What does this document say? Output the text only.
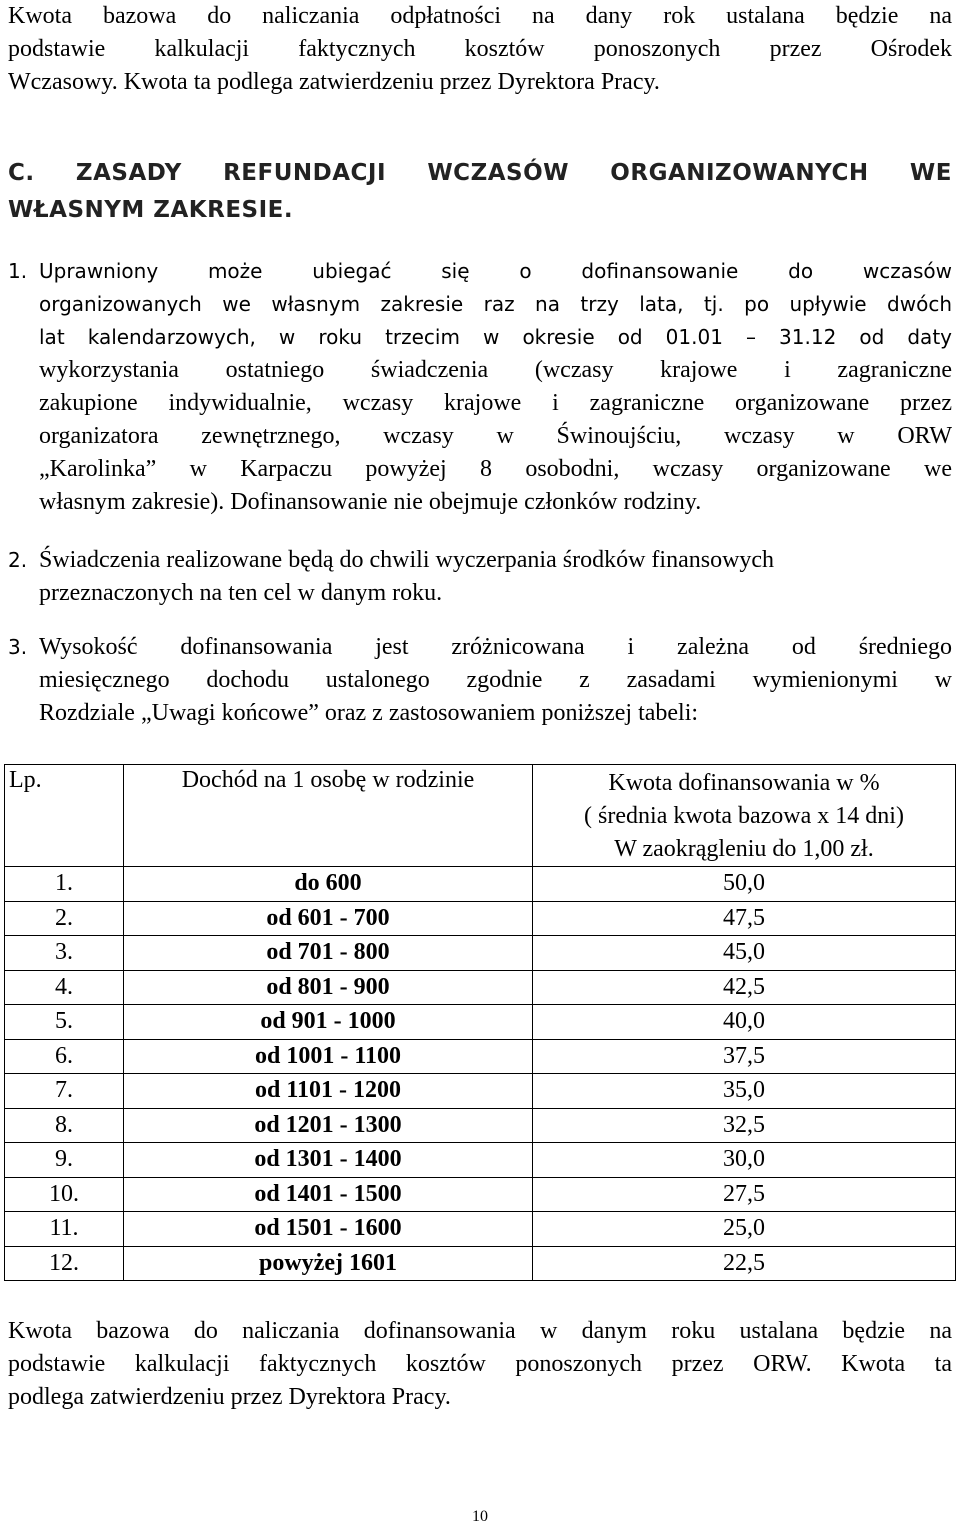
Kwota bazowa do naliczania odpłatności na dany rok ustalana będzie na
podstawie kalkulacji faktycznych kosztów ponoszonych przez Ośrodek
Wczasowy. Kwota ta podlega zatwierdzeniu przez Dyrektora Pracy.
C. ZASADY REFUNDACJI WCZASÓW ORGANIZOWANYCH WE
WŁASNYM ZAKRESIE.
1. Uprawniony może ubiegać się o dofinansowanie do wczasów
organizowanych we własnym zakresie raz na trzy lata, tj. po upływie dwóch
lat kalendarzowych, w roku trzecim w okresie od 01.01 – 31.12 od daty
wykorzystania ostatniego świadczenia (wczasy krajowe i zagraniczne
zakupione indywidualnie, wczasy krajowe i zagraniczne organizowane przez
organizatora zewnętrznego, wczasy w Świnoujściu, wczasy w ORW
„Karolinka” w Karpaczu powyżej 8 osobodni, wczasy organizowane we
własnym zakresie). Dofinansowanie nie obejmuje członków rodziny.
2. Świadczenia realizowane będą do chwili wyczerpania środków finansowych
przeznaczonych na ten cel w danym roku.
3. Wysokość dofinansowania jest zróżnicowana i zależna od średniego
miesięcznego dochodu ustalonego zgodnie z zasadami wymienionymi w
Rozdziale „Uwagi końcowe” oraz z zastosowaniem poniższej tabeli:
Lp.	Dochód na 1 osobę w rodzinie	Kwota dofinansowania w %
( średnia kwota bazowa x 14 dni)
W zaokrągleniu do 1,00 zł.

1.	do 600	50,0
2.	od 601 - 700	47,5
3.	od 701 - 800	45,0
4.	od 801 - 900	42,5
5.	od 901 - 1000	40,0
6.	od 1001 - 1100	37,5
7.	od 1101 - 1200	35,0
8.	od 1201 - 1300	32,5
9.	od 1301 - 1400	30,0
10.	od 1401 - 1500	27,5
11.	od 1501 - 1600	25,0
12.	powyżej 1601	22,5
Kwota bazowa do naliczania dofinansowania w danym roku ustalana będzie na
podstawie kalkulacji faktycznych kosztów ponoszonych przez ORW. Kwota ta
podlega zatwierdzeniu przez Dyrektora Pracy.
10
